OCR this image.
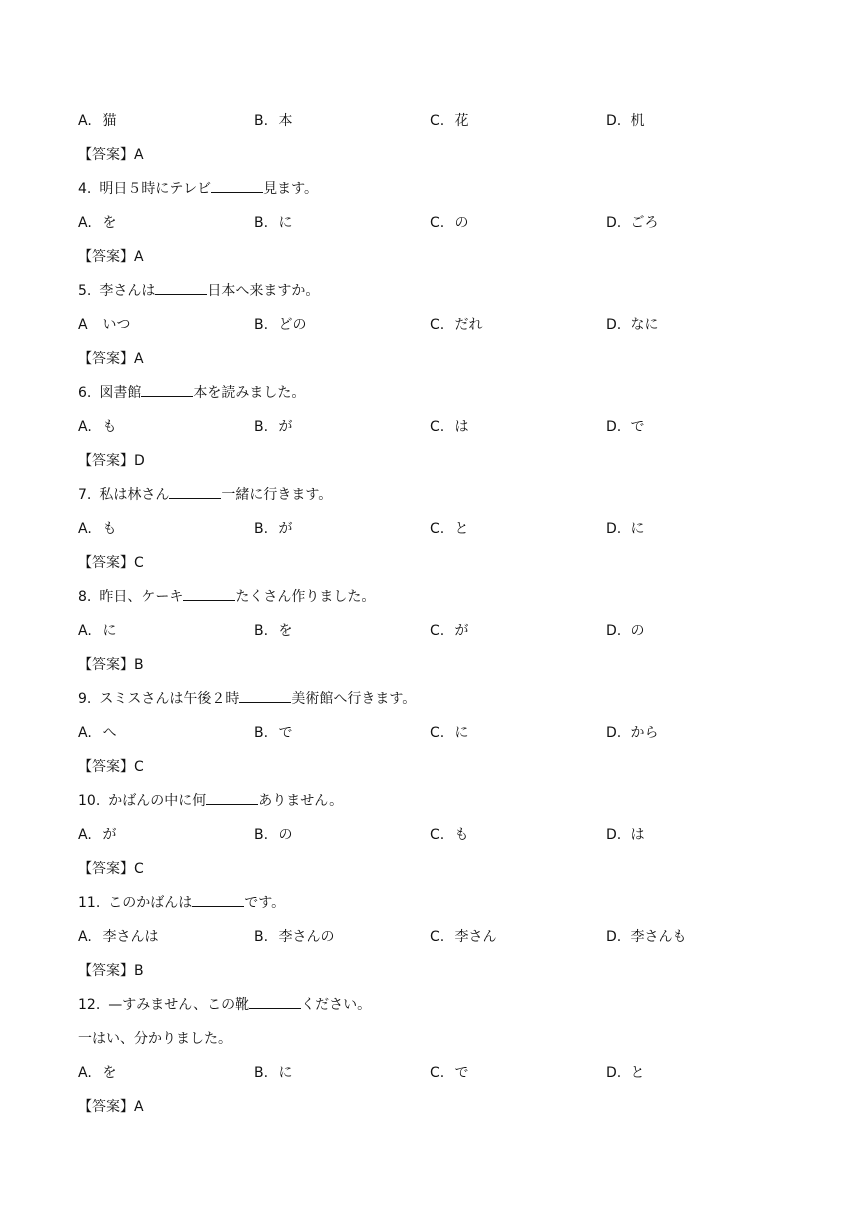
A. 猫	B. 本	C. 花	D. 机
【答案】A
4. 明日５時にテレビ	見ます。
A. を	B. に	C. の	D. ごろ
【答案】A
5. 李さんは	日本へ来ますか。
A いつ	B. どの	C. だれ	D. なに
【答案】A
6. 図書館	本を読みました。
A. も	B. が	C. は	D. で
【答案】D
7. 私は林さん	一緒に行きます。
A. も	B. が	C. と	D. に
【答案】C
8. 昨日、ケーキ	たくさん作りました。
A. に	B. を	C. が	D. の
【答案】B
9. スミスさんは午後２時	美術館へ行きます。
A. へ	B. で	C. に	D. から
【答案】C
10. かばんの中に何	ありません。
A. が	B. の	C. も	D. は
【答案】C
11. このかばんは	です。
A. 李さんは	B. 李さんの	C. 李さん	D. 李さんも
【答案】B
12. —すみません、この靴	ください。
一はい、分かりました。
A. を	B. に	C. で	D. と
【答案】A
